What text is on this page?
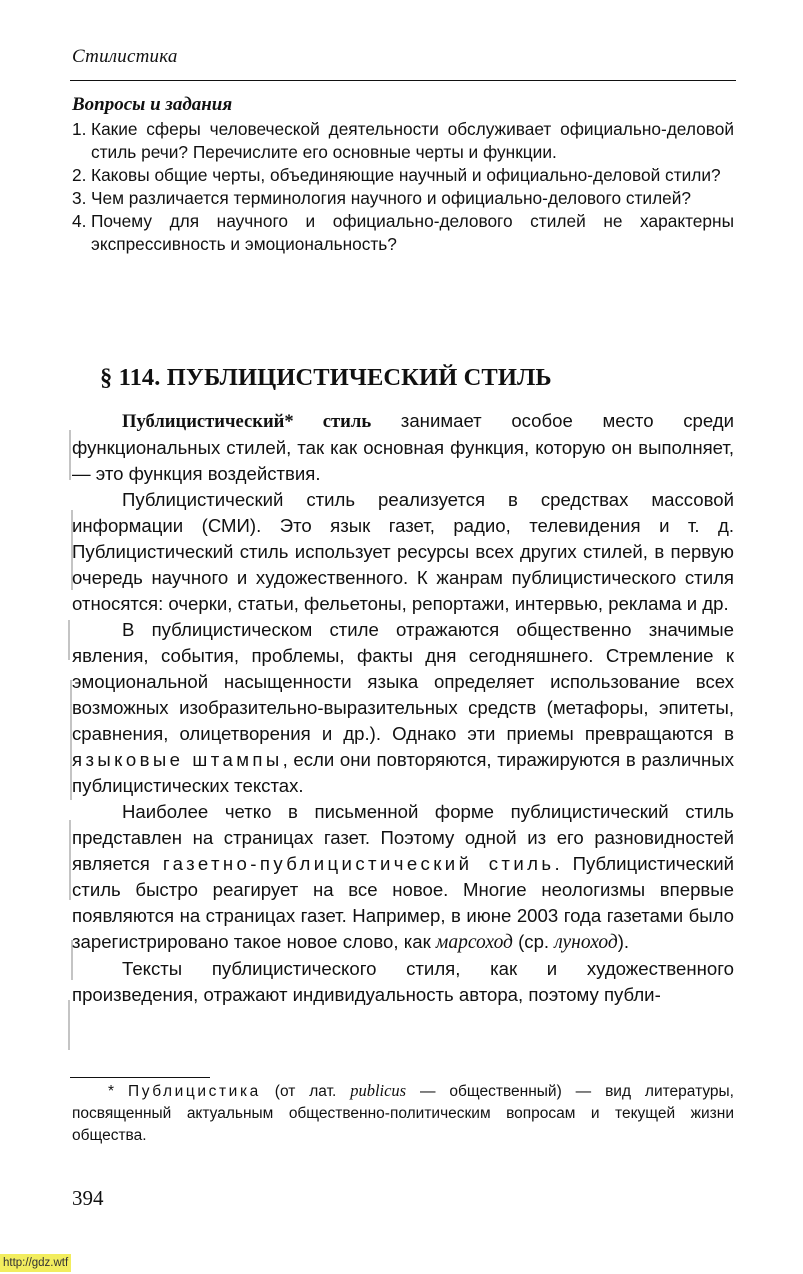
Стилистика
Вопросы и задания
1. Какие сферы человеческой деятельности обслуживает официально-деловой стиль речи? Перечислите его основные черты и функции.
2. Каковы общие черты, объединяющие научный и официально-деловой стили?
3. Чем различается терминология научного и официально-делового стилей?
4. Почему для научного и официально-делового стилей не характерны экспрессивность и эмоциональность?
§ 114. ПУБЛИЦИСТИЧЕСКИЙ СТИЛЬ

Публицистический* стиль занимает особое место среди функциональных стилей, так как основная функция, которую он выполняет, — это функция воздействия.

Публицистический стиль реализуется в средствах массовой информации (СМИ). Это язык газет, радио, телевидения и т. д. Публицистический стиль использует ресурсы всех других стилей, в первую очередь научного и художественного. К жанрам публицистического стиля относятся: очерки, статьи, фельетоны, репортажи, интервью, реклама и др.

В публицистическом стиле отражаются общественно значимые явления, события, проблемы, факты дня сегодняшнего. Стремление к эмоциональной насыщенности языка определяет использование всех возможных изобразительно-выразительных средств (метафоры, эпитеты, сравнения, олицетворения и др.). Однако эти приемы превращаются в языковые штампы, если они повторяются, тиражируются в различных публицистических текстах.

Наиболее четко в письменной форме публицистический стиль представлен на страницах газет. Поэтому одной из его разновидностей является газетно-публицистический стиль. Публицистический стиль быстро реагирует на все новое. Многие неологизмы впервые появляются на страницах газет. Например, в июне 2003 года газетами было зарегистрировано такое новое слово, как марсоход (ср. луноход).

Тексты публицистического стиля, как и художественного произведения, отражают индивидуальность автора, поэтому публи-

* Публицистика (от лат. publicus — общественный) — вид литературы, посвященный актуальным общественно-политическим вопросам и текущей жизни общества.
394
http://gdz.wtf
